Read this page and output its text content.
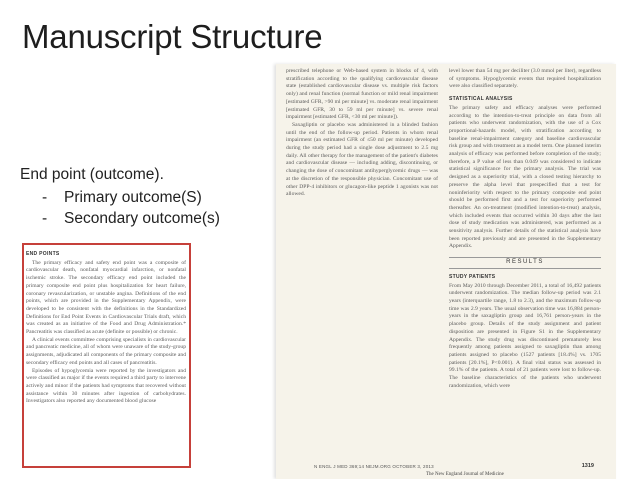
Manuscript Structure
End point (outcome).
-	Primary outcome(S)
-	Secondary outcome(s)

prescribed telephone or Web-based system in blocks of 4, with stratification according to the qualifying cardiovascular disease state (established cardiovascular disease vs. multiple risk factors only) and renal function (normal function or mild renal impairment [estimated GFR, >90 ml per minute] vs. moderate renal impairment [estimated GFR, 30 to 59 ml per minute] vs. severe renal impairment [estimated GFR, <30 ml per minute]).

Saxagliptin or placebo was administered in a blinded fashion until the end of the follow-up period. Patients in whom renal impairment (an estimated GFR of ≤50 ml per minute) developed during the study period had a single dose adjustment to 2.5 mg daily. All other therapy for the management of the patient's diabetes and cardiovascular disease — including adding, discontinuing, or changing the dose of concomitant antihyperglycemic drugs — was at the discretion of the responsible physician. Concomitant use of other DPP-4 inhibitors or glucagon-like peptide 1 agonists was not allowed.

level lower than 54 mg per deciliter (3.0 mmol per liter), regardless of symptoms. Hypoglycemic events that required hospitalization were also classified separately.

STATISTICAL ANALYSIS

The primary safety and efficacy analyses were performed according to the intention-to-treat principle on data from all patients who underwent randomization, with the use of a Cox proportional-hazards model, with stratification according to baseline renal-impairment category and baseline cardiovascular risk group and with treatment as a model term. One planned interim analysis of efficacy was performed before completion of the study; therefore, a P value of less than 0.049 was considered to indicate statistical significance for the primary analysis. The trial was designed as a superiority trial, with a closed testing hierarchy to preserve the alpha level that prespecified that a test for noninferiority with respect to the primary composite end point should be performed first and a test for superiority performed thereafter. An on-treatment (modified intention-to-treat) analysis, which included events that occurred within 30 days after the last dose of study medication was administered, was performed as a sensitivity analysis. Further details of the statistical analysis have been reported previously and are presented in the Supplementary Appendix.

RESULTS
STUDY PATIENTS

From May 2010 through December 2011, a total of 16,492 patients underwent randomization. The median follow-up period was 2.1 years (interquartile range, 1.8 to 2.3), and the maximum follow-up time was 2.9 years. The usual observation time was 16,884 person-years in the saxagliptin group and 16,761 person-years in the placebo group. Details of the study assignment and patient disposition are presented in Figure S1 in the Supplementary Appendix. The study drug was discontinued prematurely less frequently among patients assigned to saxagliptin than among patients assigned to placebo (1527 patients [18.4%] vs. 1705 patients [20.1%], P<0.001). A final vital status was assessed in 99.1% of the patients. A total of 21 patients were lost to follow-up. The baseline characteristics of the patients who underwent randomization, which were

N ENGL J MED 369;14 NEJM.ORG OCTOBER 3, 2013	1319
The New England Journal of Medicine
END POINTS

The primary efficacy and safety end point was a composite of cardiovascular death, nonfatal myocardial infarction, or nonfatal ischemic stroke. The secondary efficacy end point included the primary composite end point plus hospitalization for heart failure, coronary revascularization, or unstable angina. Definitions of the end points, which are provided in the Supplementary Appendix, were developed to be consistent with the definitions in the Standardized Definitions for End Point Events in Cardiovascular Trials draft, which was created as an initiative of the Food and Drug Administration.* Pancreatitis was classified as acute (definite or possible) or chronic.

A clinical events committee comprising specialists in cardiovascular and pancreatic medicine, all of whom were unaware of the study-group assignments, adjudicated all components of the primary composite and secondary efficacy end points and all cases of pancreatitis.

Episodes of hypoglycemia were reported by the investigators and were classified as major if the events required a third party to intervene actively and minor if the patients had symptoms that recovered without assistance within 30 minutes after ingestion of carbohydrates. Investigators also reported any documented blood glucose
